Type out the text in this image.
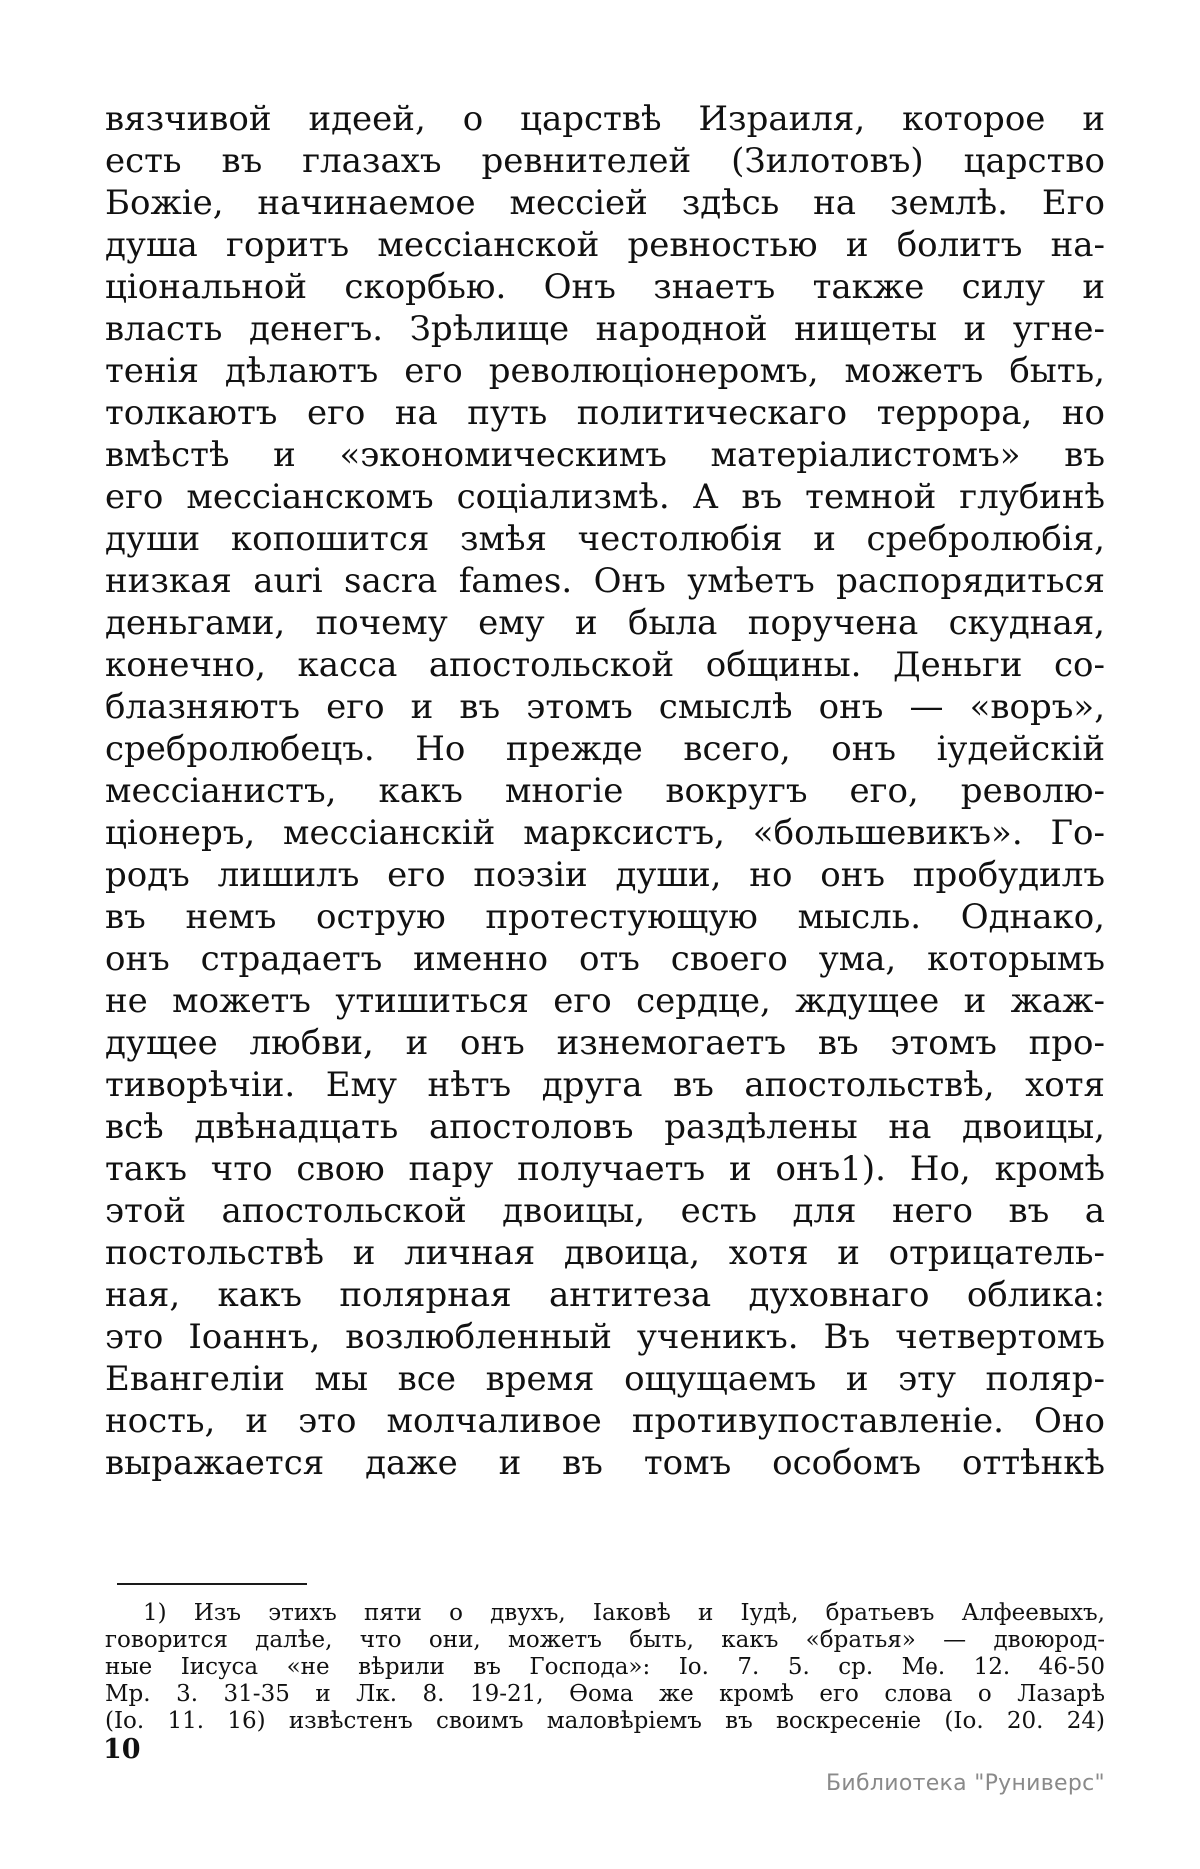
вязчивой идеей, о царствѣ Израиля, которое и
есть въ глазахъ ревнителей (Зилотовъ) царство
Божіе, начинаемое мессіей здѣсь на землѣ. Его
душа горитъ мессіанской ревностью и болитъ на-
ціональной скорбью. Онъ знаетъ также силу и
власть денегъ. Зрѣлище народной нищеты и угне-
тенія дѣлаютъ его революціонеромъ, можетъ быть,
толкаютъ его на путь политическаго террора, но
вмѣстѣ и «экономическимъ матеріалистомъ» въ
его мессіанскомъ соціализмѣ. А въ темной глубинѣ
души копошится змѣя честолюбія и сребролюбія,
низкая auri sacra fames. Онъ умѣетъ распорядиться
деньгами, почему ему и была поручена скудная,
конечно, касса апостольской общины. Деньги со-
блазняютъ его и въ этомъ смыслѣ онъ — «воръ»,
сребролюбецъ. Но прежде всего, онъ іудейскій
мессіанистъ, какъ многіе вокругъ его, револю-
ціонеръ, мессіанскій марксистъ, «большевикъ». Го-
родъ лишилъ его поэзіи души, но онъ пробудилъ
въ немъ острую протестующую мысль. Однако,
онъ страдаетъ именно отъ своего ума, которымъ
не можетъ утишиться его сердце, ждущее и жаж-
дущее любви, и онъ изнемогаетъ въ этомъ про-
тиворѣчіи. Ему нѣтъ друга въ апостольствѣ, хотя
всѣ двѣнадцать апостоловъ раздѣлены на двоицы,
такъ что свою пару получаетъ и онъ1). Но, кромѣ
этой апостольской двоицы, есть для него въ а
постольствѣ и личная двоица, хотя и отрицатель-
ная, какъ полярная антитеза духовнаго облика:
это Іоаннъ, возлюбленный ученикъ. Въ четвертомъ
Евангеліи мы все время ощущаемъ и эту поляр-
ность, и это молчаливое противупоставленіе. Оно
выражается даже и въ томъ особомъ оттѣнкѣ
1) Изъ этихъ пяти о двухъ, Іаковѣ и Іудѣ, братьевъ Алфеевыхъ,
говорится далѣе, что они, можетъ быть, какъ «братья» — двоюрод-
ные Іисуса «не вѣрили въ Господа»: Іо. 7. 5. ср. Мѳ. 12. 46-50
Мр. 3. 31-35 и Лк. 8. 19-21, Ѳома же кромѣ его слова о Лазарѣ
(Іо. 11. 16) извѣстенъ своимъ маловѣріемъ въ воскресеніе (Іо. 20. 24)
10
Библиотека "Руниверс"
